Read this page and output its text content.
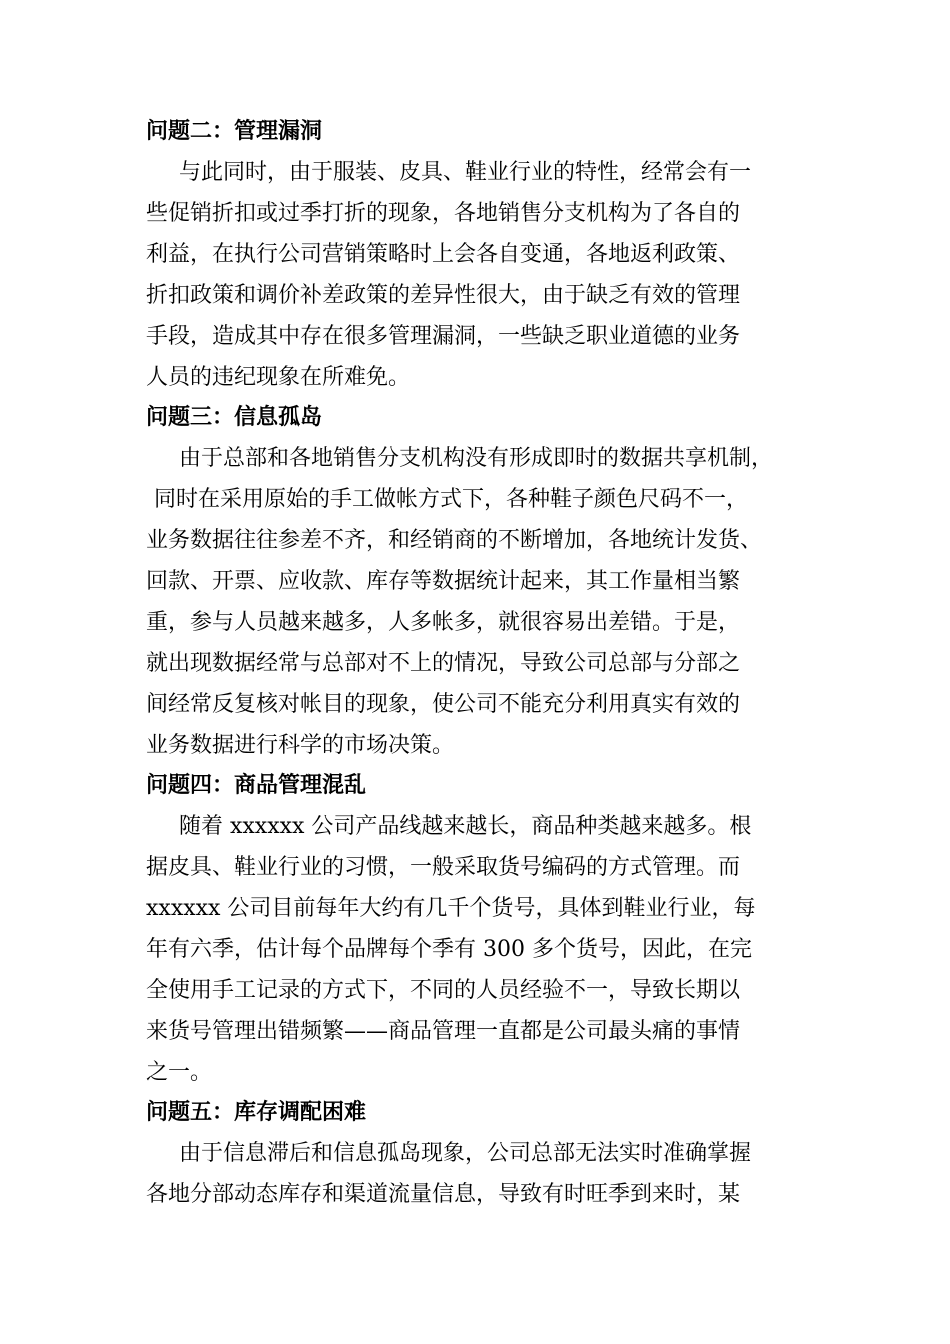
问题二：管理漏洞

与此同时，由于服装、皮具、鞋业行业的特性，经常会有一
些促销折扣或过季打折的现象，各地销售分支机构为了各自的
利益，在执行公司营销策略时上会各自变通，各地返利政策、
折扣政策和调价补差政策的差异性很大，由于缺乏有效的管理
手段，造成其中存在很多管理漏洞，一些缺乏职业道德的业务
人员的违纪现象在所难免。

问题三：信息孤岛

由于总部和各地销售分支机构没有形成即时的数据共享机制，
同时在采用原始的手工做帐方式下，各种鞋子颜色尺码不一，
业务数据往往参差不齐，和经销商的不断增加，各地统计发货、
回款、开票、应收款、库存等数据统计起来，其工作量相当繁
重，参与人员越来越多，人多帐多，就很容易出差错。于是，
就出现数据经常与总部对不上的情况，导致公司总部与分部之
间经常反复核对帐目的现象，使公司不能充分利用真实有效的
业务数据进行科学的市场决策。

问题四：商品管理混乱

随着 xxxxxx 公司产品线越来越长，商品种类越来越多。根
据皮具、鞋业行业的习惯，一般采取货号编码的方式管理。而
xxxxxx 公司目前每年大约有几千个货号，具体到鞋业行业，每
年有六季，估计每个品牌每个季有 300 多个货号，因此，在完
全使用手工记录的方式下，不同的人员经验不一，导致长期以
来货号管理出错频繁——商品管理一直都是公司最头痛的事情
之一。

问题五：库存调配困难

由于信息滞后和信息孤岛现象，公司总部无法实时准确掌握
各地分部动态库存和渠道流量信息，导致有时旺季到来时，某
